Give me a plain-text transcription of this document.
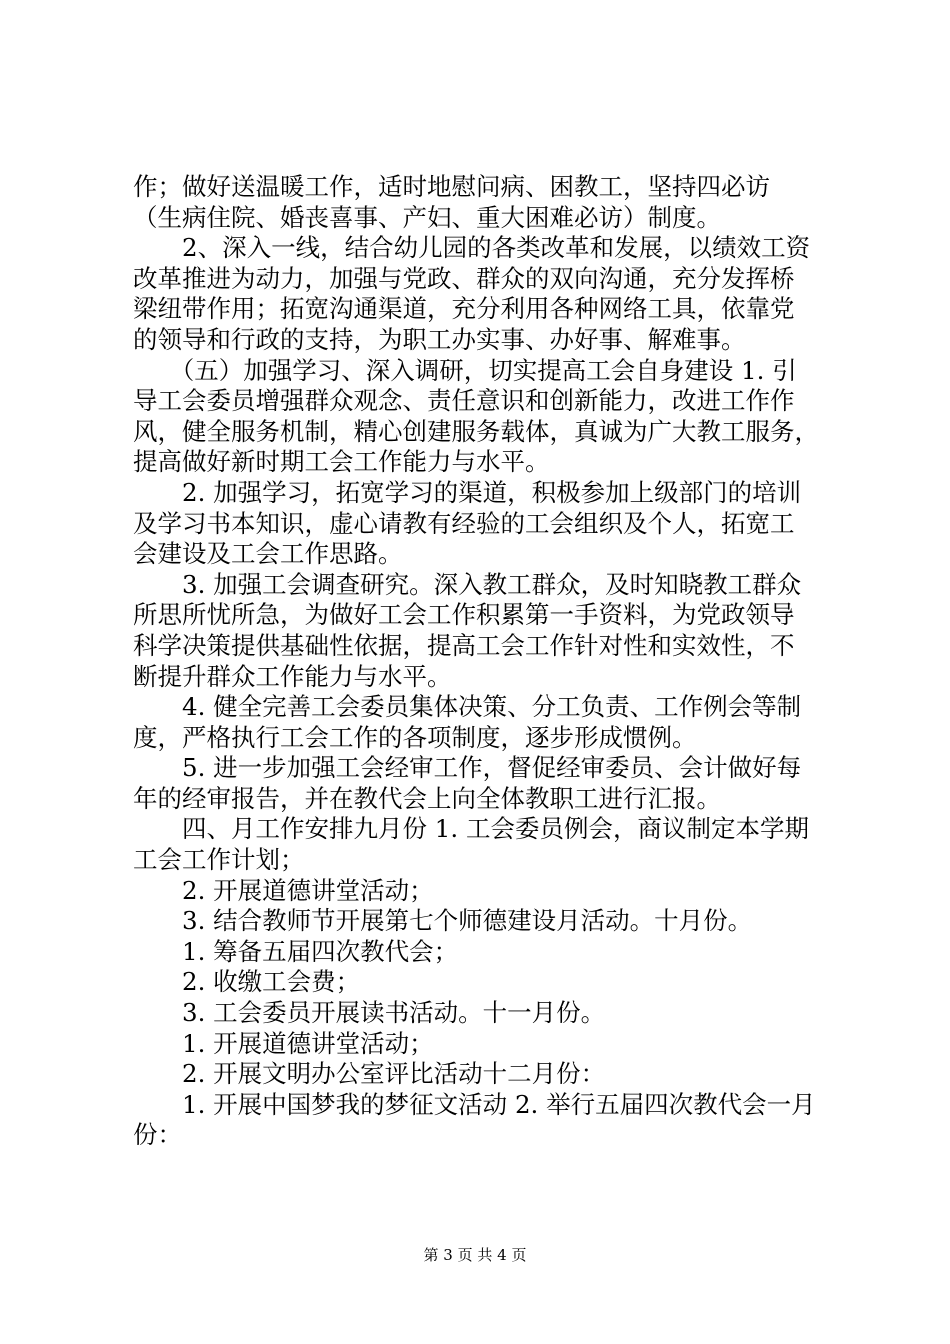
作；做好送温暖工作，适时地慰问病、困教工，坚持四必访
（生病住院、婚丧喜事、产妇、重大困难必访）制度。
　　2、深入一线，结合幼儿园的各类改革和发展，以绩效工资
改革推进为动力，加强与党政、群众的双向沟通，充分发挥桥
梁纽带作用；拓宽沟通渠道，充分利用各种网络工具，依靠党
的领导和行政的支持，为职工办实事、办好事、解难事。
　　（五）加强学习、深入调研，切实提高工会自身建设 1. 引
导工会委员增强群众观念、责任意识和创新能力，改进工作作
风，健全服务机制，精心创建服务载体，真诚为广大教工服务，
提高做好新时期工会工作能力与水平。
　　2. 加强学习，拓宽学习的渠道，积极参加上级部门的培训
及学习书本知识，虚心请教有经验的工会组织及个人，拓宽工
会建设及工会工作思路。
　　3. 加强工会调查研究。深入教工群众，及时知晓教工群众
所思所忧所急，为做好工会工作积累第一手资料，为党政领导
科学决策提供基础性依据，提高工会工作针对性和实效性，不
断提升群众工作能力与水平。
　　4. 健全完善工会委员集体决策、分工负责、工作例会等制
度，严格执行工会工作的各项制度，逐步形成惯例。
　　5. 进一步加强工会经审工作，督促经审委员、会计做好每
年的经审报告，并在教代会上向全体教职工进行汇报。
　　四、月工作安排九月份 1. 工会委员例会，商议制定本学期
工会工作计划；
　　2. 开展道德讲堂活动；
　　3. 结合教师节开展第七个师德建设月活动。十月份。
　　1. 筹备五届四次教代会；
　　2. 收缴工会费；
　　3. 工会委员开展读书活动。十一月份。
　　1. 开展道德讲堂活动；
　　2. 开展文明办公室评比活动十二月份：
　　1. 开展中国梦我的梦征文活动 2. 举行五届四次教代会一月
份：
第 3 页 共 4 页
